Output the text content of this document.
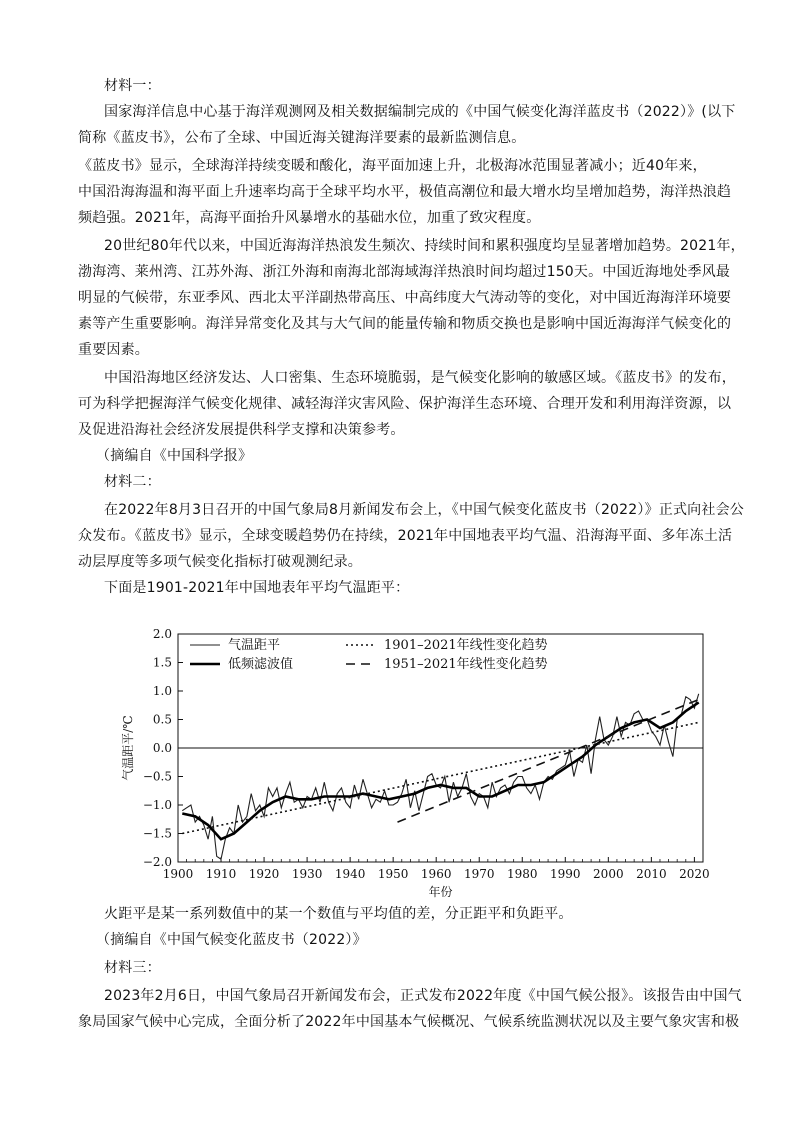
材料一：
国家海洋信息中心基于海洋观测网及相关数据编制完成的《中国气候变化海洋蓝皮书（2022）》(以下
简称《蓝皮书》，公布了全球、中国近海关键海洋要素的最新监测信息。
《蓝皮书》显示，全球海洋持续变暖和酸化，海平面加速上升，北极海冰范围显著减小；近40年来，
中国沿海海温和海平面上升速率均高于全球平均水平，极值高潮位和最大增水均呈增加趋势，海洋热浪趋
频趋强。2021年，高海平面抬升风暴增水的基础水位，加重了致灾程度。
20世纪80年代以来，中国近海海洋热浪发生频次、持续时间和累积强度均呈显著增加趋势。2021年，
渤海湾、莱州湾、江苏外海、浙江外海和南海北部海域海洋热浪时间均超过150天。中国近海地处季风最
明显的气候带，东亚季风、西北太平洋副热带高压、中高纬度大气涛动等的变化，对中国近海海洋环境要
素等产生重要影响。海洋异常变化及其与大气间的能量传输和物质交换也是影响中国近海海洋气候变化的
重要因素。
中国沿海地区经济发达、人口密集、生态环境脆弱，是气候变化影响的敏感区域。《蓝皮书》的发布，
可为科学把握海洋气候变化规律、减轻海洋灾害风险、保护海洋生态环境、合理开发和利用海洋资源，以
及促进沿海社会经济发展提供科学支撑和决策参考。
（摘编自《中国科学报》
材料二：
在2022年8月3日召开的中国气象局8月新闻发布会上，《中国气候变化蓝皮书（2022）》正式向社会公
众发布。《蓝皮书》显示，全球变暖趋势仍在持续，2021年中国地表平均气温、沿海海平面、多年冻土活
动层厚度等多项气候变化指标打破观测纪录。
下面是1901-2021年中国地表年平均气温距平：
2.0
1.5
1.0
0.5
0.0
−0.5
−1.0
−1.5
−2.0
1900 1910 1920 1930 1940 1950 1960 1970 1980 1990 2000 2010 2020
年份
气温距平/℃
气温距平
低频滤波值
1901–2021年线性变化趋势
1951–2021年线性变化趋势
火距平是某一系列数值中的某一个数值与平均值的差，分正距平和负距平。
（摘编自《中国气候变化蓝皮书（2022）》
材料三：
2023年2月6日，中国气象局召开新闻发布会，正式发布2022年度《中国气候公报》。该报告由中国气
象局国家气候中心完成，全面分析了2022年中国基本气候概况、气候系统监测状况以及主要气象灾害和极
